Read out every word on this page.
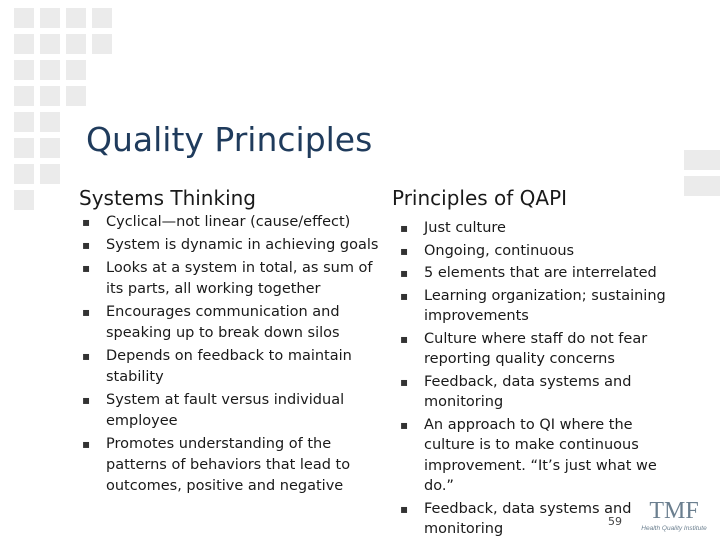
Quality Principles
Systems Thinking	Principles of QAPI
▪ Cyclical—not linear (cause/effect)
▪ System is dynamic in achieving goals
▪ Looks at a system in total, as sum of its parts, all working together
▪ Encourages communication and speaking up to break down silos
▪ Depends on feedback to maintain stability
▪ System at fault versus individual employee
▪ Promotes understanding of the patterns of behaviors that lead to outcomes, positive and negative
▪ Just culture
▪ Ongoing, continuous
▪ 5 elements that are interrelated
▪ Learning organization; sustaining improvements
▪ Culture where staff do not fear reporting quality concerns
▪ Feedback, data systems and monitoring
▪ An approach to QI where the culture is to make continuous improvement. “It’s just what we do.”
▪ Feedback, data systems and monitoring	59 TMF
Health Quality Institute
